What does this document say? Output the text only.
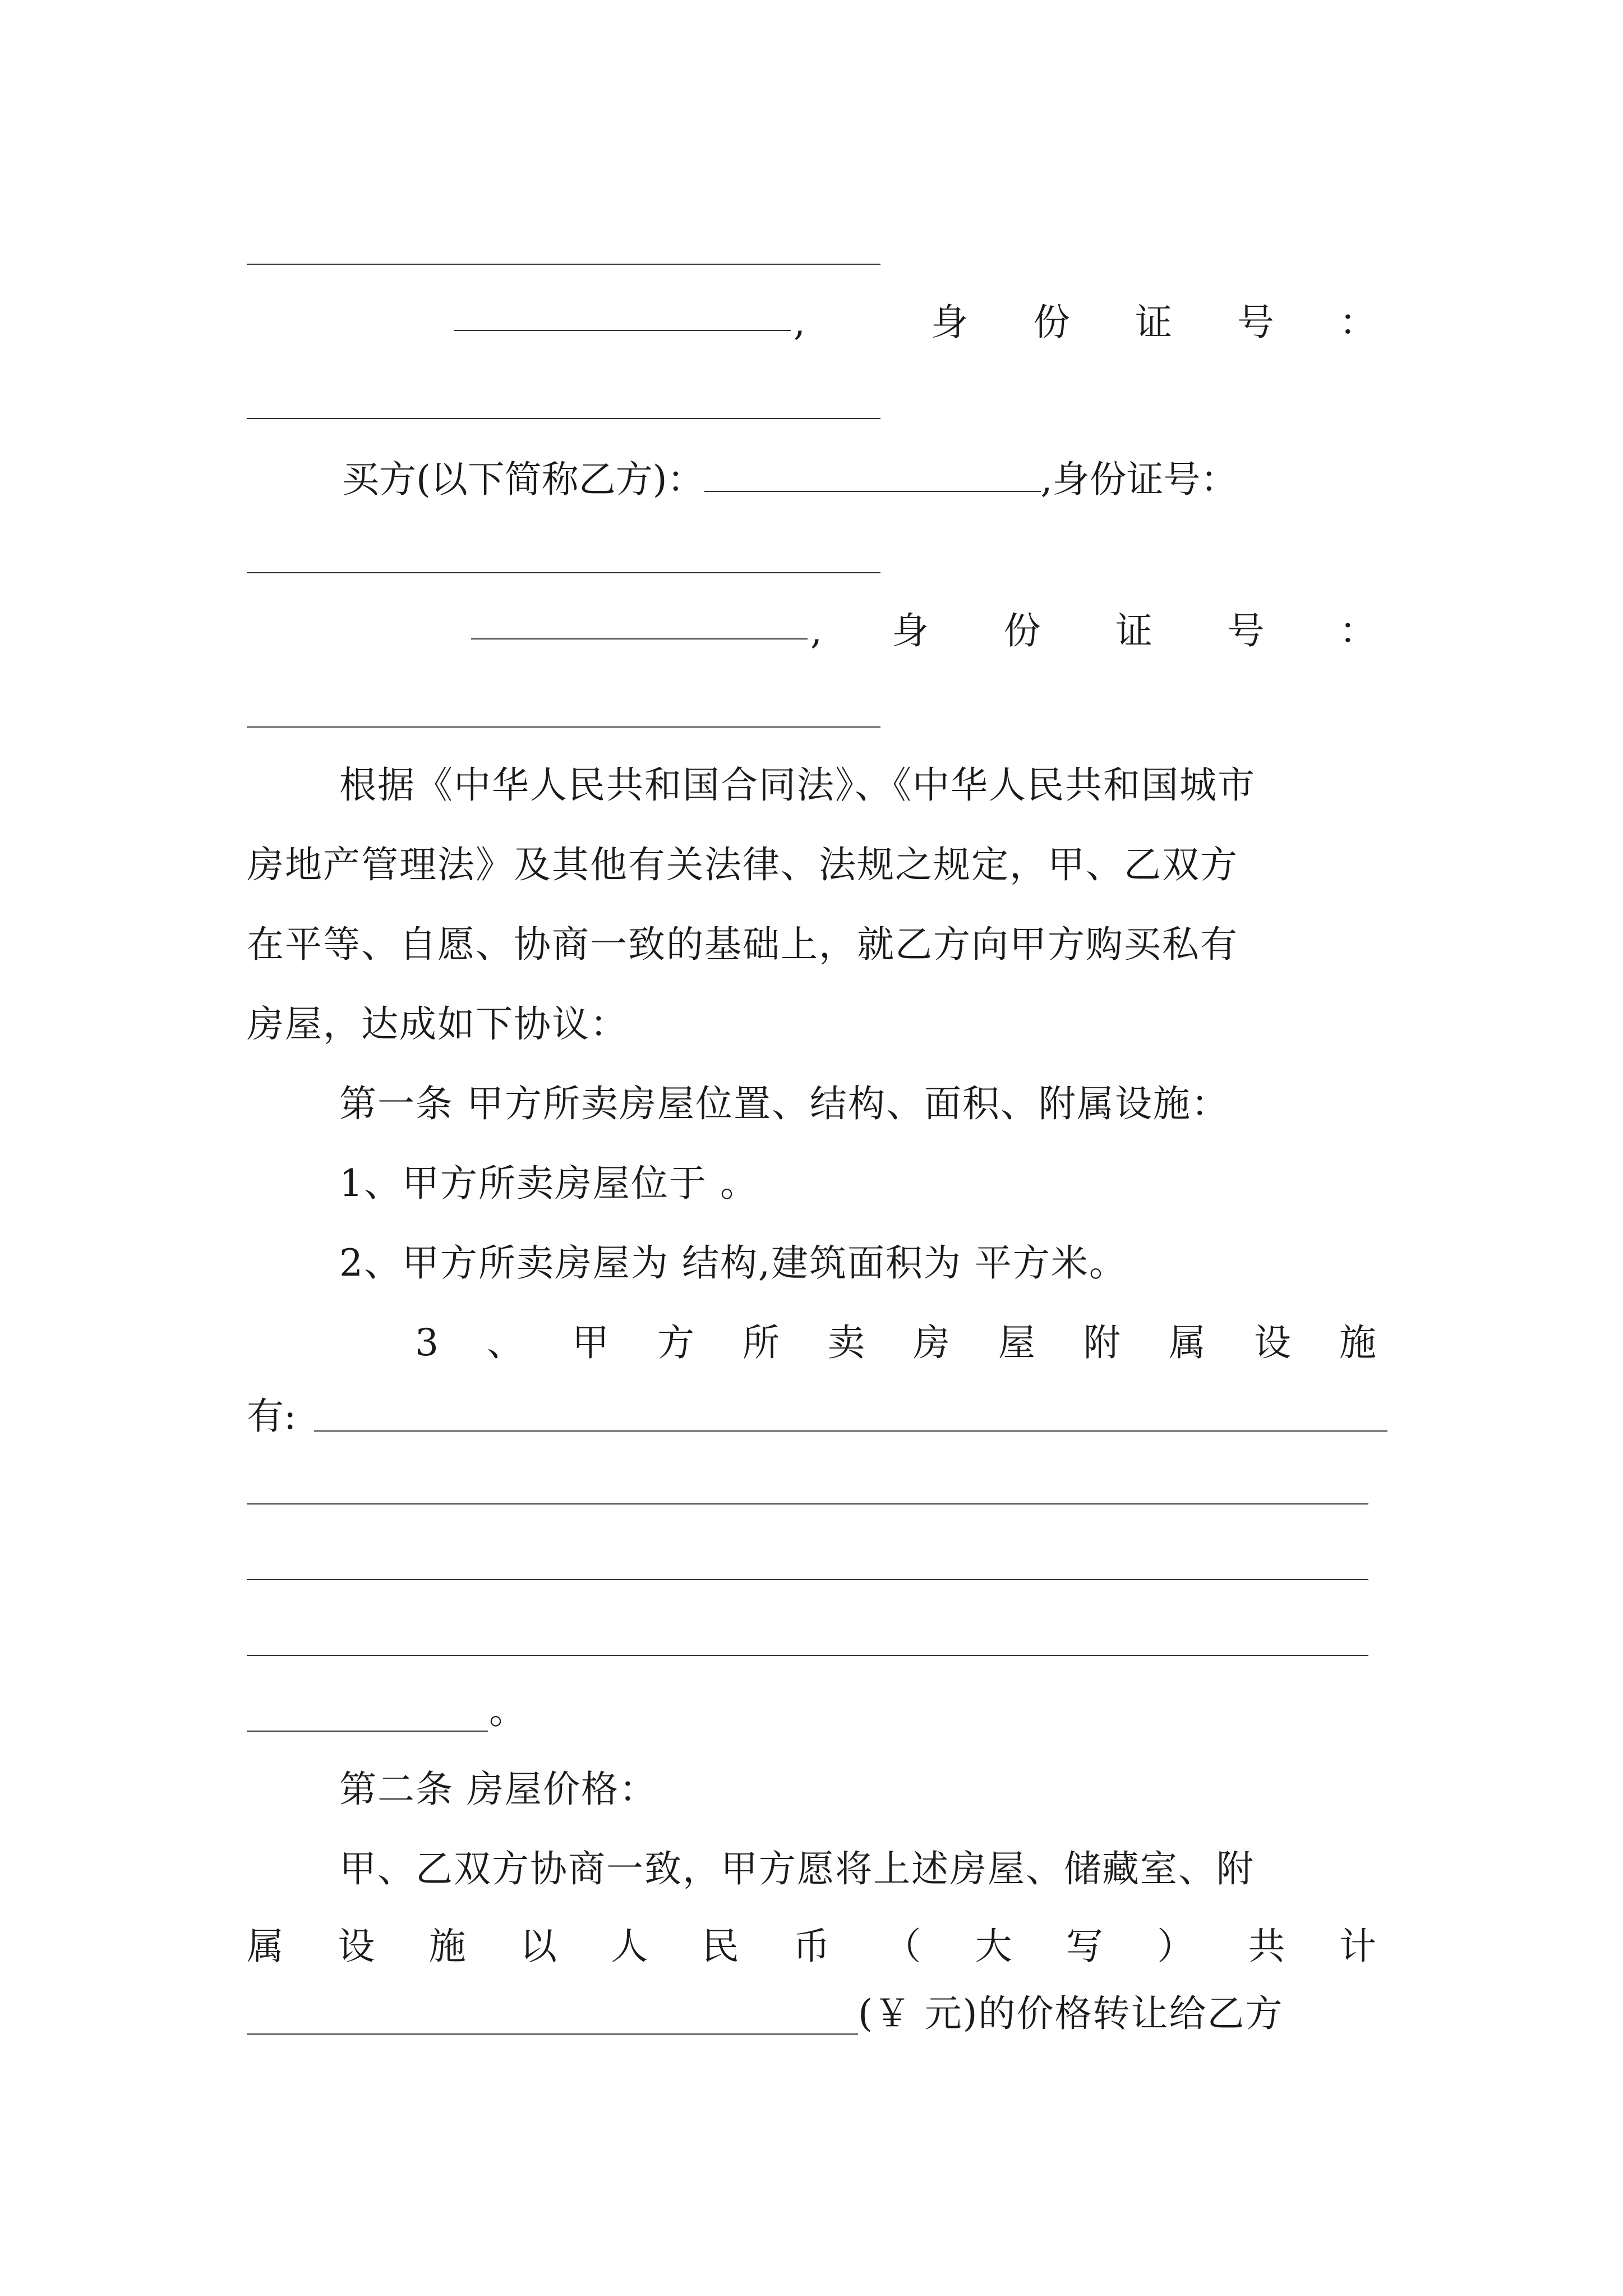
,	身 份 证 号 ：
买方(以下简称乙方)：	,身份证号：
, 身 份 证 号 ：
根据《中华人民共和国合同法》、《中华人民共和国城市
房地产管理法》及其他有关法律、法规之规定，甲、乙双方
在平等、自愿、协商一致的基础上，就乙方向甲方购买私有
房屋，达成如下协议：
第一条 甲方所卖房屋位置、结构、面积、附属设施：
1、甲方所卖房屋位于 。
2、甲方所卖房屋为 结构,建筑面积为 平方米。
3 、 甲 方 所 卖 房 屋 附 属 设 施
有:
。
第二条 房屋价格：
甲、乙双方协商一致，甲方愿将上述房屋、储藏室、附
属 设 施 以 人 民 币 （ 大 写 ） 共 计
(￥ 元)的价格转让给乙方
